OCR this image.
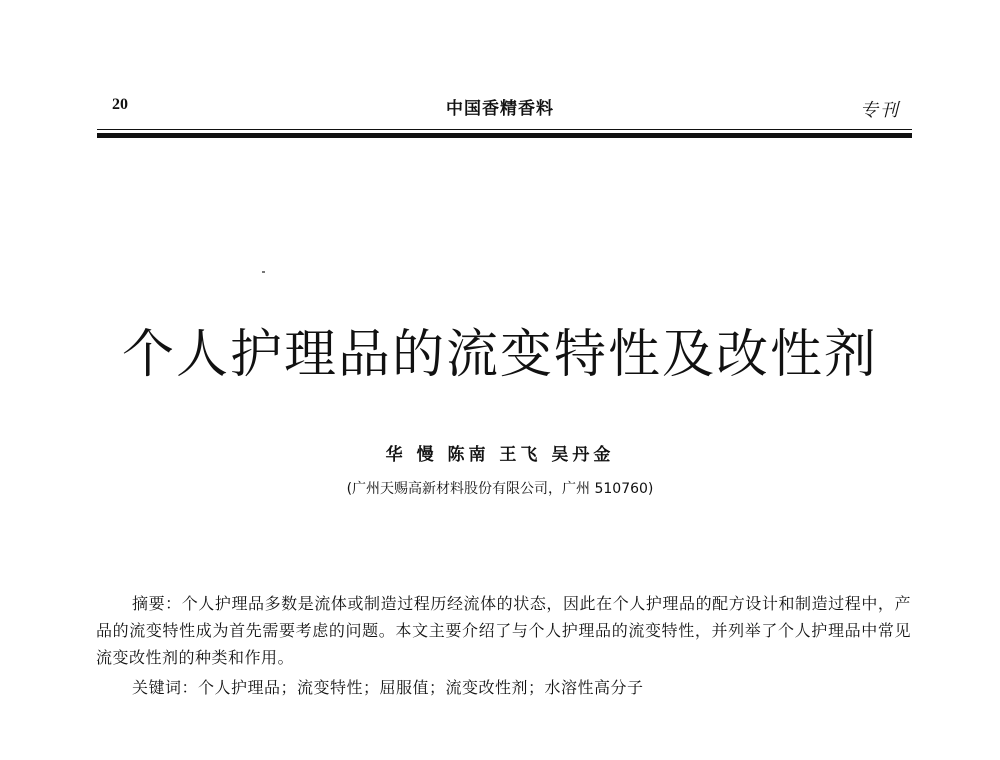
20	中国香精香料	专刊
个人护理品的流变特性及改性剂
华 慢 陈南 王飞 吴丹金
(广州天赐高新材料股份有限公司，广州 510760)

摘要：个人护理品多数是流体或制造过程历经流体的状态，因此在个人护理品的配方设计和制造过程中，产品的流变特性成为首先需要考虑的问题。本文主要介绍了与个人护理品的流变特性，并列举了个人护理品中常见流变改性剂的种类和作用。

关键词：个人护理品；流变特性；屈服值；流变改性剂；水溶性高分子
